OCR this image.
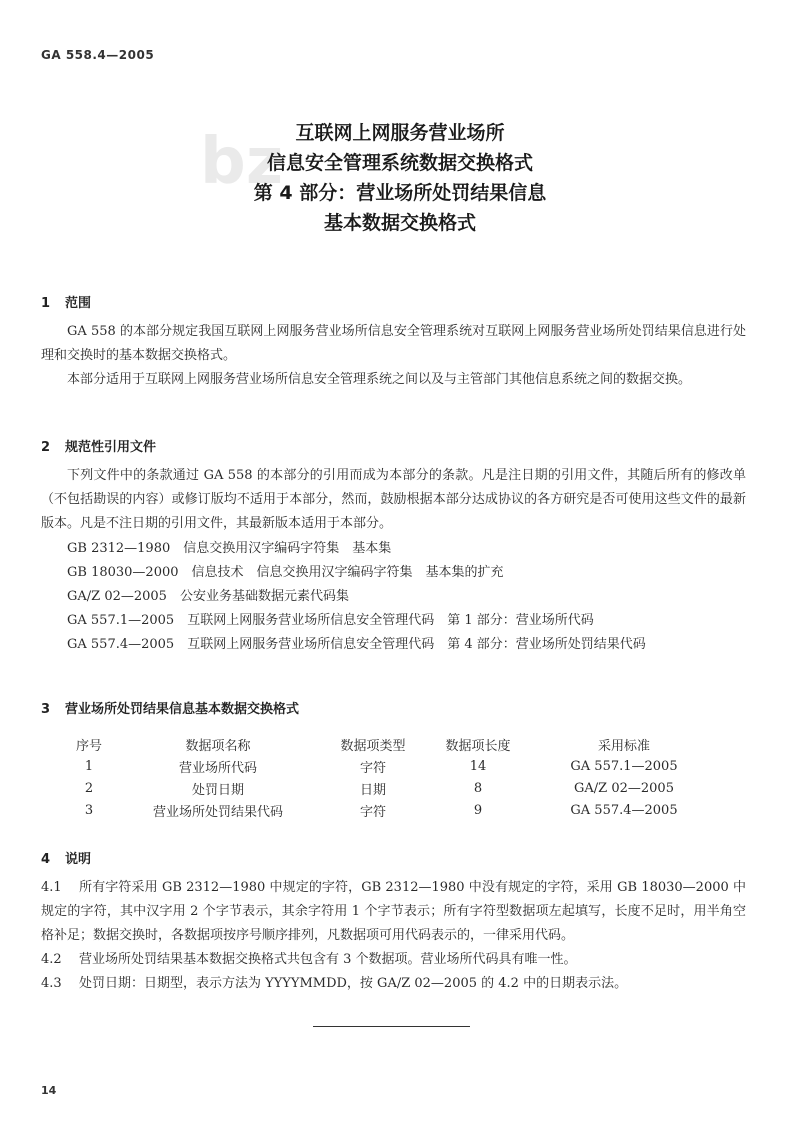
GA 558.4—2005
bz 互联网上网服务营业场所
信息安全管理系统数据交换格式
第 4 部分：营业场所处罚结果信息
基本数据交换格式
1 范围
GA 558 的本部分规定我国互联网上网服务营业场所信息安全管理系统对互联网上网服务营业场所处罚结果信息进行处理和交换时的基本数据交换格式。
本部分适用于互联网上网服务营业场所信息安全管理系统之间以及与主管部门其他信息系统之间的数据交换。
2 规范性引用文件
下列文件中的条款通过 GA 558 的本部分的引用而成为本部分的条款。凡是注日期的引用文件，其随后所有的修改单（不包括勘误的内容）或修订版均不适用于本部分，然而，鼓励根据本部分达成协议的各方研究是否可使用这些文件的最新版本。凡是不注日期的引用文件，其最新版本适用于本部分。
GB 2312—1980　信息交换用汉字编码字符集　基本集
GB 18030—2000　信息技术　信息交换用汉字编码字符集　基本集的扩充
GA/Z 02—2005　公安业务基础数据元素代码集
GA 557.1—2005　互联网上网服务营业场所信息安全管理代码　第 1 部分：营业场所代码
GA 557.4—2005　互联网上网服务营业场所信息安全管理代码　第 4 部分：营业场所处罚结果代码
3 营业场所处罚结果信息基本数据交换格式
序号	数据项名称	数据项类型	数据项长度	采用标准
1	营业场所代码	字符	14	GA 557.1—2005
2	处罚日期	日期	8	GA/Z 02—2005
3	营业场所处罚结果代码	字符	9	GA 557.4—2005
4 说明
4.1 所有字符采用 GB 2312—1980 中规定的字符，GB 2312—1980 中没有规定的字符，采用 GB 18030—2000 中规定的字符，其中汉字用 2 个字节表示，其余字符用 1 个字节表示；所有字符型数据项左起填写，长度不足时，用半角空格补足；数据交换时，各数据项按序号顺序排列，凡数据项可用代码表示的，一律采用代码。
4.2 营业场所处罚结果基本数据交换格式共包含有 3 个数据项。营业场所代码具有唯一性。
4.3 处罚日期：日期型，表示方法为 YYYYMMDD，按 GA/Z 02—2005 的 4.2 中的日期表示法。
14
